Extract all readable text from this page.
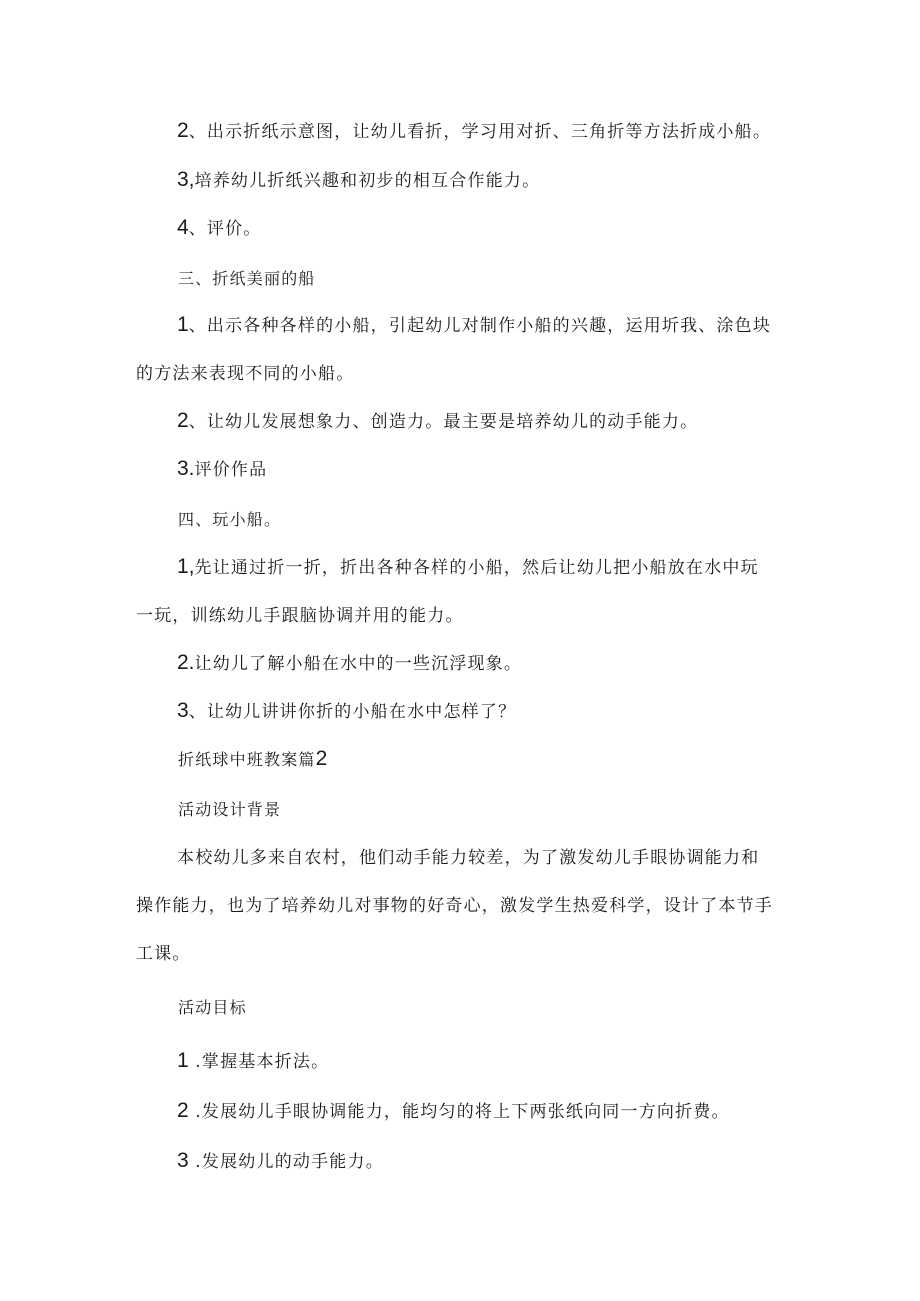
2、出示折纸示意图，让幼儿看折，学习用对折、三角折等方法折成小船。
3,培养幼儿折纸兴趣和初步的相互合作能力。
4、评价。
三、折纸美丽的船
1、出示各种各样的小船，引起幼儿对制作小船的兴趣，运用圻我、涂色块
的方法来表现不同的小船。
2、让幼儿发展想象力、创造力。最主要是培养幼儿的动手能力。
3.评价作品
四、玩小船。
1,先让通过折一折，折出各种各样的小船，然后让幼儿把小船放在水中玩
一玩，训练幼儿手跟脑协调并用的能力。
2.让幼儿了解小船在水中的一些沉浮现象。
3、让幼儿讲讲你折的小船在水中怎样了？
折纸球中班教案篇2
活动设计背景
本校幼儿多来自农村，他们动手能力较差，为了激发幼儿手眼协调能力和
操作能力，也为了培养幼儿对事物的好奇心，激发学生热爱科学，设计了本节手
工课。
活动目标
1 .掌握基本折法。
2 .发展幼儿手眼协调能力，能均匀的将上下两张纸向同一方向折费。
3 .发展幼儿的动手能力。
